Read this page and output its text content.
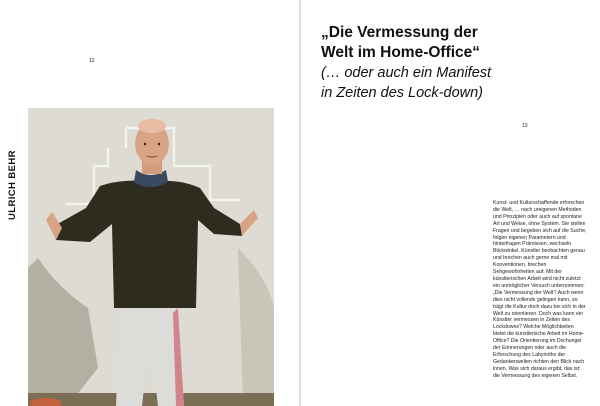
12
ULRICH BEHR
„Die Vermessung der
Welt im Home-Office“
(… oder auch ein Manifest
in Zeiten des Lock-down)
13
Kunst- und Kulturschaffende erforschen die Welt, … nach ureigenen Methoden und Prinzipien oder auch auf spontane Art und Weise, ohne System. Sie stellen Fragen und begeben sich auf die Suche, folgen eigenen Parametern und hinterfragen Prämissen, wechseln Blickwinkel. Künstler beobachten genau und brechen auch gerne mal mit Konventionen, brechen Sehgewohnheiten auf. Mit der künstlerischen Arbeit wird nicht zuletzt ein unmöglicher Versuch unternommen: „Die Vermessung der Welt“! Auch wenn dies nicht vollends gelingen kann, so trägt die Kultur doch dazu bei sich in der Welt zu orientieren. Doch was kann ein Künstler vermessen in Zeiten des Lockdowns? Welche Möglichkeiten bietet die künstlerische Arbeit im Home-Office? Die Orientierung im Dschungel der Erinnerungen oder auch die Erforschung des Labyrinths der Gedankenwelten richten den Blick nach innen. Was sich daraus ergibt, das ist: die Vermessung des eigenen Selbst.
